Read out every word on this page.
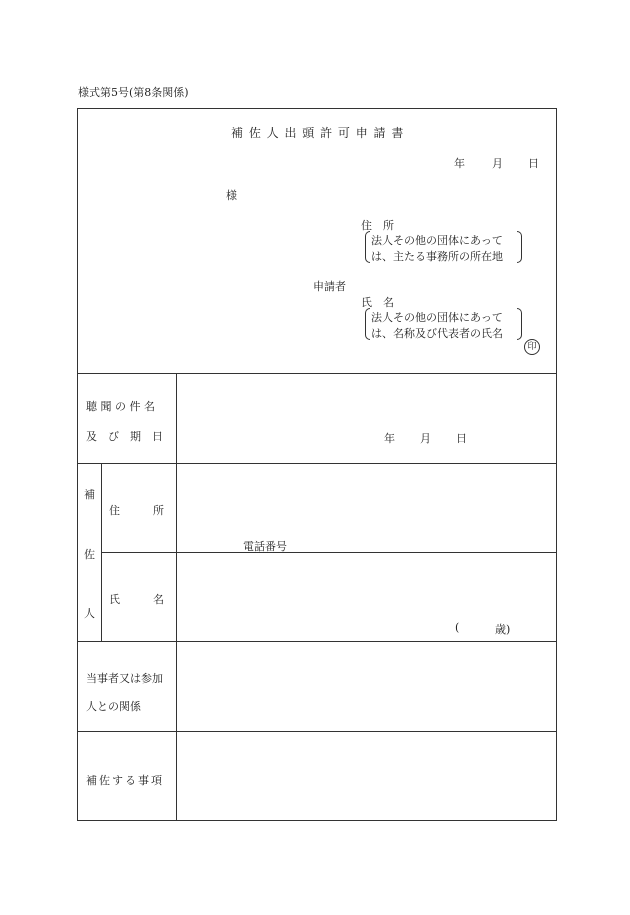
様式第5号(第8条関係)
補 佐 人 出 頭 許 可 申 請 書
年 月 日
様
住　所
法人その他の団体にあって
は、主たる事務所の所在地
申請者
氏　名
法人その他の団体にあって
は、名称及び代表者の氏名
印
聴 聞 の 件 名
及　び　期　日	年 月 日
補
佐
人
住　　　所
電話番号
氏　　　名
(	歳)
当事者又は参加
人との関係
補佐する事項
